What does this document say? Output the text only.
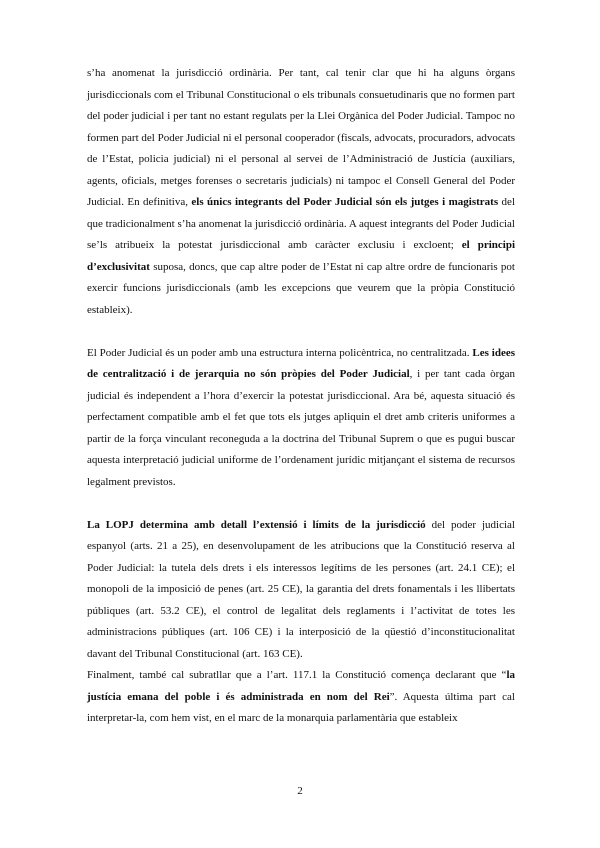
s’ha anomenat la jurisdicció ordinària. Per tant, cal tenir clar que hi ha alguns òrgans jurisdiccionals com el Tribunal Constitucional o els tribunals consuetudinaris que no formen part del poder judicial i per tant no estant regulats per la Llei Orgànica del Poder Judicial. Tampoc no formen part del Poder Judicial ni el personal cooperador (fiscals, advocats, procuradors, advocats de l’Estat, policia judicial) ni el personal al servei de l’Administració de Justícia (auxiliars, agents, oficials, metges forenses o secretaris judicials) ni tampoc el Consell General del Poder Judicial. En definitiva, els únics integrants del Poder Judicial són els jutges i magistrats del que tradicionalment s’ha anomenat la jurisdicció ordinària. A aquest integrants del Poder Judicial se’ls atribueix la potestat jurisdiccional amb caràcter exclusiu i excloent; el principi d’exclusivitat suposa, doncs, que cap altre poder de l’Estat ni cap altre ordre de funcionaris pot exercir funcions jurisdiccionals (amb les excepcions que veurem que la pròpia Constitució estableix).

El Poder Judicial és un poder amb una estructura interna policèntrica, no centralitzada. Les idees de centralització i de jerarquia no són pròpies del Poder Judicial, i per tant cada òrgan judicial és independent a l’hora d’exercir la potestat jurisdiccional. Ara bé, aquesta situació és perfectament compatible amb el fet que tots els jutges apliquin el dret amb criteris uniformes a partir de la força vinculant reconeguda a la doctrina del Tribunal Suprem o que es pugui buscar aquesta interpretació judicial uniforme de l’ordenament jurídic mitjançant el sistema de recursos legalment previstos.

La LOPJ determina amb detall l’extensió i límits de la jurisdicció del poder judicial espanyol (arts. 21 a 25), en desenvolupament de les atribucions que la Constitució reserva al Poder Judicial: la tutela dels drets i els interessos legítims de les persones (art. 24.1 CE); el monopoli de la imposició de penes (art. 25 CE), la garantia del drets fonamentals i les llibertats públiques (art. 53.2 CE), el control de legalitat dels reglaments i l’activitat de totes les administracions públiques (art. 106 CE) i la interposició de la qüestió d’inconstitucionalitat davant del Tribunal Constitucional (art. 163 CE).

Finalment, també cal subratllar que a l’art. 117.1 la Constitució comença declarant que “la justícia emana del poble i és administrada en nom del Rei”. Aquesta última part cal interpretar-la, com hem vist, en el marc de la monarquia parlamentària que estableix

2
